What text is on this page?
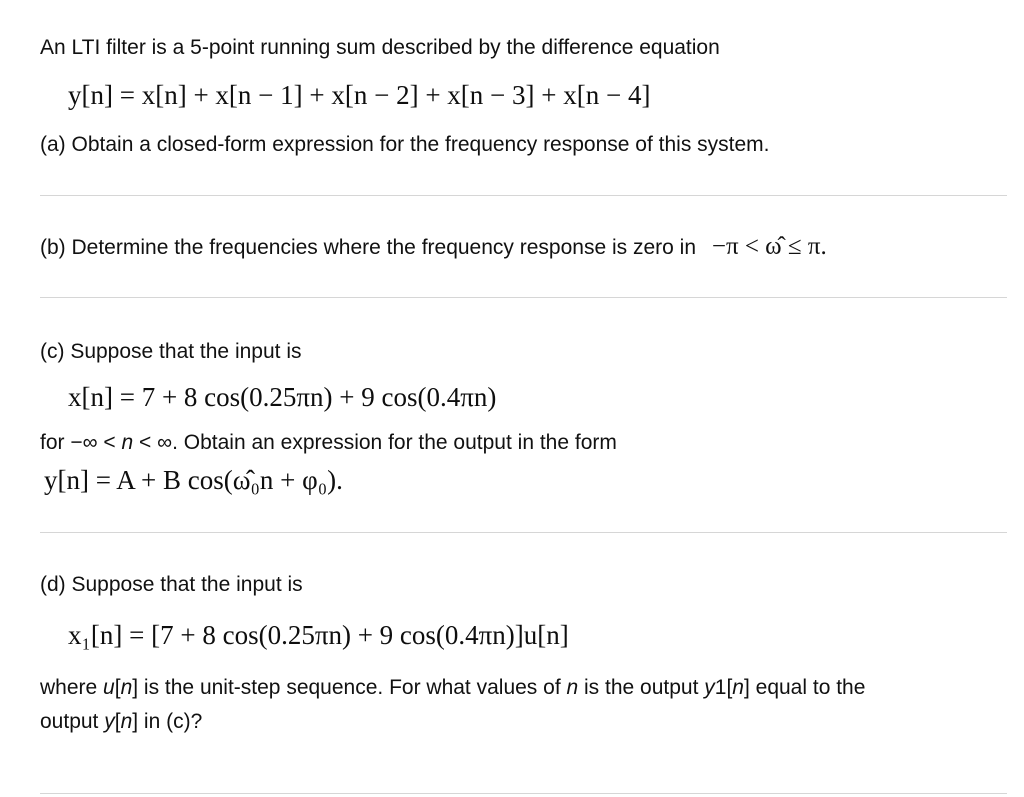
An LTI filter is a 5-point running sum described by the difference equation
y[n] = x[n] + x[n − 1] + x[n − 2] + x[n − 3] + x[n − 4]
(a) Obtain a closed-form expression for the frequency response of this system.
(b) Determine the frequencies where the frequency response is zero in −π < ω̂ ≤ π.
(c) Suppose that the input is
x[n] = 7 + 8 cos(0.25πn) + 9 cos(0.4πn)
for −∞ < n < ∞. Obtain an expression for the output in the form
y[n] = A + B cos(ω̂₀n + φ₀).
(d) Suppose that the input is
x₁[n] = [7 + 8 cos(0.25πn) + 9 cos(0.4πn)]u[n]
where u[n] is the unit-step sequence. For what values of n is the output y1[n] equal to the
output y[n] in (c)?
